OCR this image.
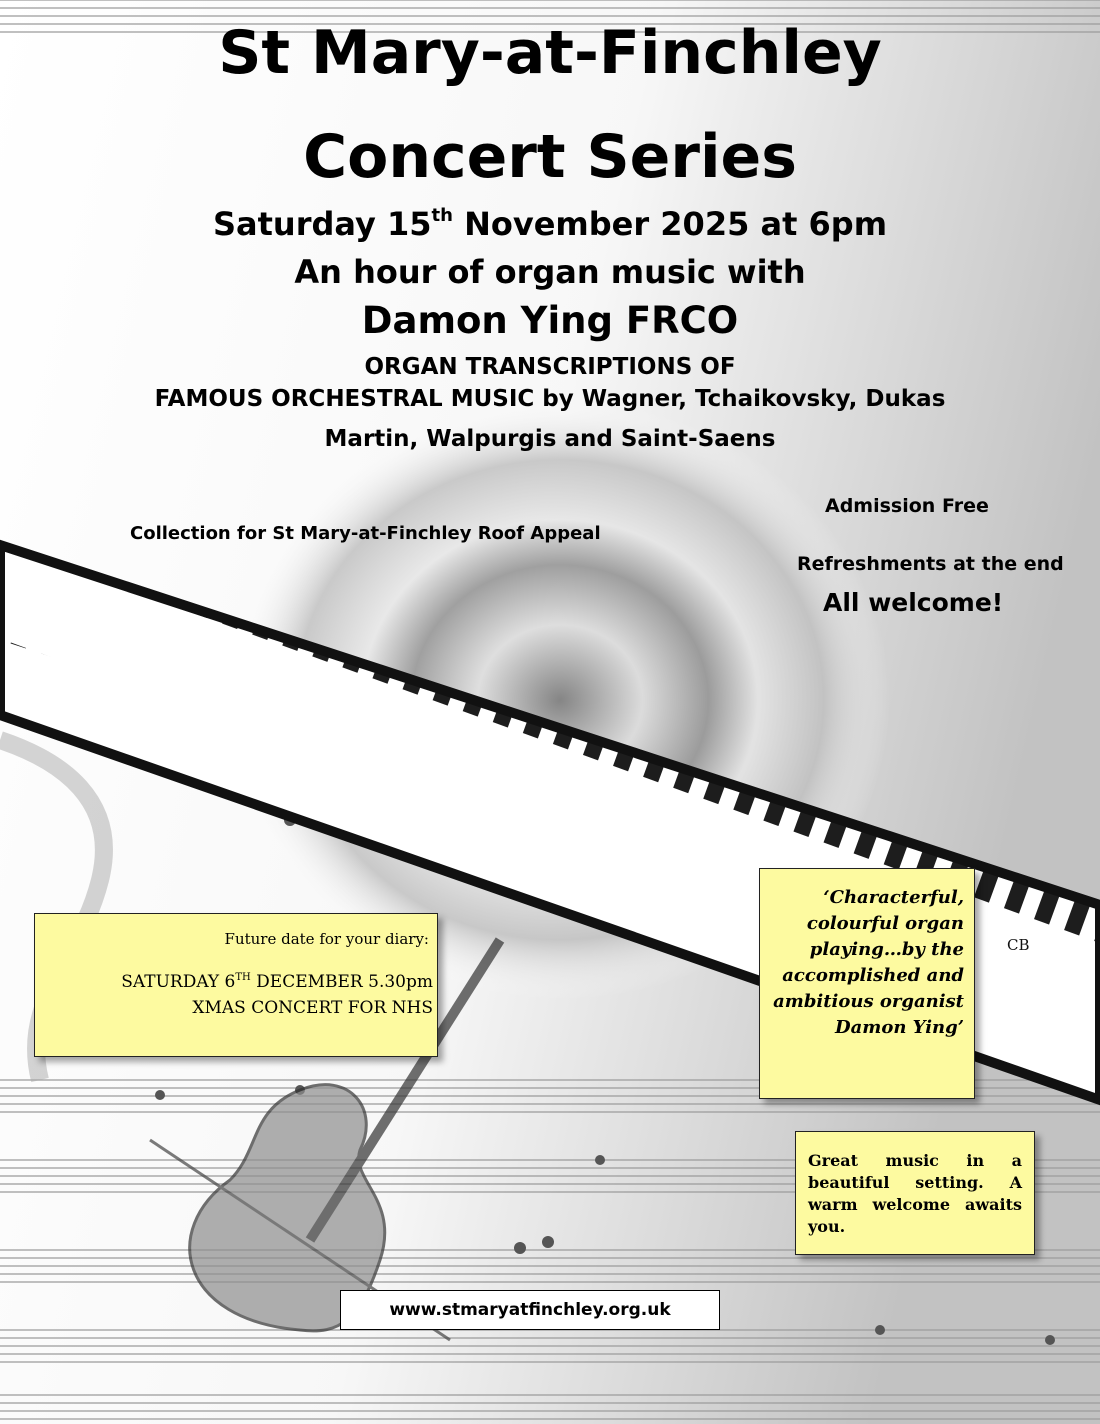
St Mary-at-Finchley
Concert Series
Saturday 15th November 2025 at 6pm
An hour of organ music with
Damon Ying FRCO
ORGAN TRANSCRIPTIONS OF
FAMOUS ORCHESTRAL MUSIC by Wagner, Tchaikovsky, Dukas
Martin, Walpurgis and Saint-Saens
Collection for St Mary-at-Finchley Roof Appeal
Admission Free
Refreshments at the end
All welcome!
Future date for your diary:
SATURDAY 6TH DECEMBER 5.30pm
XMAS CONCERT FOR NHS
‘Characterful, colourful organ playing…by the accomplished and ambitious organist Damon Ying’
CB
Great music in a beautiful setting. A warm welcome awaits you.
www.stmaryatfinchley.org.uk
